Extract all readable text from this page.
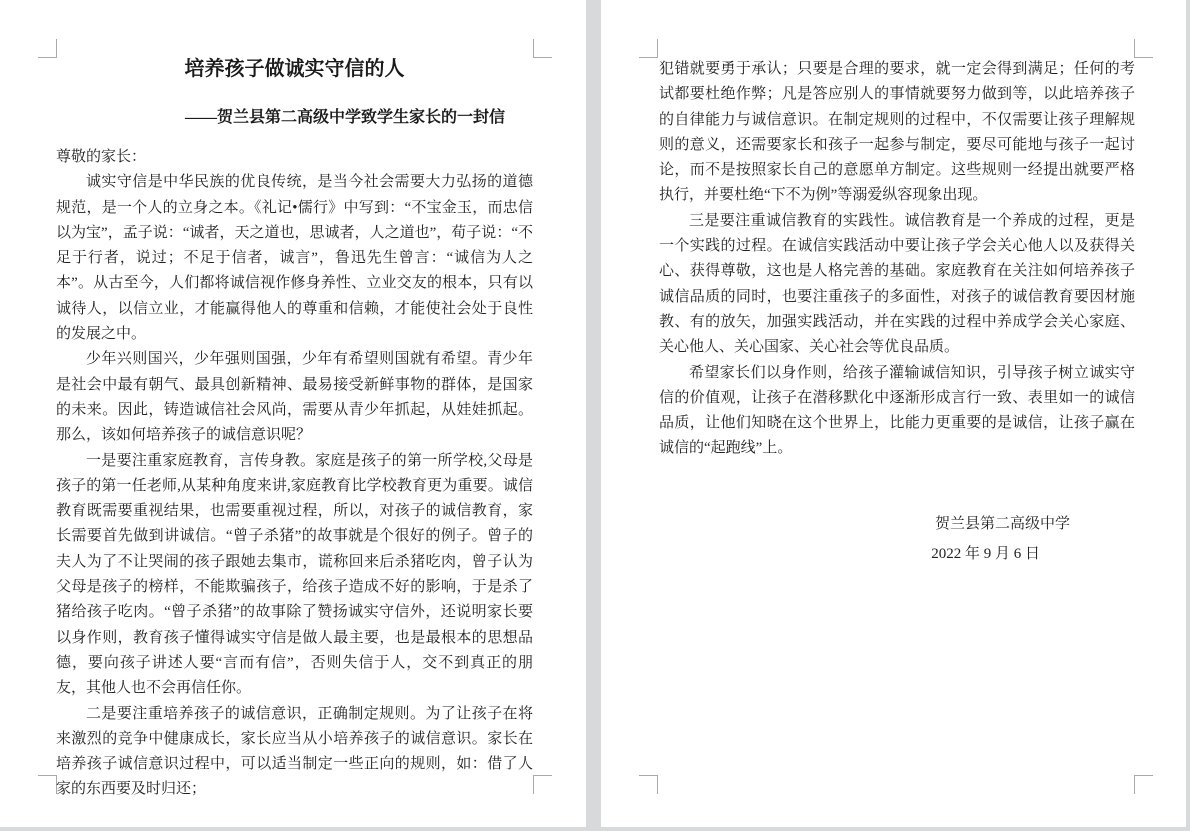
培养孩子做诚实守信的人
——贺兰县第二高级中学致学生家长的一封信
尊敬的家长：

诚实守信是中华民族的优良传统，是当今社会需要大力弘扬的道德规范，是一个人的立身之本。《礼记•儒行》中写到：“不宝金玉，而忠信以为宝”，孟子说：“诚者，天之道也，思诚者，人之道也”，荀子说：“不足于行者，说过；不足于信者，诚言”，鲁迅先生曾言：“诚信为人之本”。从古至今，人们都将诚信视作修身养性、立业交友的根本，只有以诚待人，以信立业，才能赢得他人的尊重和信赖，才能使社会处于良性的发展之中。

少年兴则国兴，少年强则国强，少年有希望则国就有希望。青少年是社会中最有朝气、最具创新精神、最易接受新鲜事物的群体，是国家的未来。因此，铸造诚信社会风尚，需要从青少年抓起，从娃娃抓起。那么，该如何培养孩子的诚信意识呢？

一是要注重家庭教育，言传身教。家庭是孩子的第一所学校,父母是孩子的第一任老师,从某种角度来讲,家庭教育比学校教育更为重要。诚信教育既需要重视结果，也需要重视过程，所以，对孩子的诚信教育，家长需要首先做到讲诚信。“曾子杀猪”的故事就是个很好的例子。曾子的夫人为了不让哭闹的孩子跟她去集市，谎称回来后杀猪吃肉，曾子认为父母是孩子的榜样，不能欺骗孩子，给孩子造成不好的影响，于是杀了猪给孩子吃肉。“曾子杀猪”的故事除了赞扬诚实守信外，还说明家长要以身作则，教育孩子懂得诚实守信是做人最主要，也是最根本的思想品德，要向孩子讲述人要“言而有信”，否则失信于人，交不到真正的朋友，其他人也不会再信任你。

二是要注重培养孩子的诚信意识，正确制定规则。为了让孩子在将来激烈的竞争中健康成长，家长应当从小培养孩子的诚信意识。家长在培养孩子诚信意识过程中，可以适当制定一些正向的规则，如：借了人家的东西要及时归还；

犯错就要勇于承认；只要是合理的要求，就一定会得到满足；任何的考试都要杜绝作弊；凡是答应别人的事情就要努力做到等，以此培养孩子的自律能力与诚信意识。在制定规则的过程中，不仅需要让孩子理解规则的意义，还需要家长和孩子一起参与制定，要尽可能地与孩子一起讨论，而不是按照家长自己的意愿单方制定。这些规则一经提出就要严格执行，并要杜绝“下不为例”等溺爱纵容现象出现。

三是要注重诚信教育的实践性。诚信教育是一个养成的过程，更是一个实践的过程。在诚信实践活动中要让孩子学会关心他人以及获得关心、获得尊敬，这也是人格完善的基础。家庭教育在关注如何培养孩子诚信品质的同时，也要注重孩子的多面性，对孩子的诚信教育要因材施教、有的放矢，加强实践活动，并在实践的过程中养成学会关心家庭、关心他人、关心国家、关心社会等优良品质。

希望家长们以身作则，给孩子灌输诚信知识，引导孩子树立诚实守信的价值观，让孩子在潜移默化中逐渐形成言行一致、表里如一的诚信品质，让他们知晓在这个世界上，比能力更重要的是诚信，让孩子赢在诚信的“起跑线”上。

贺兰县第二高级中学
2022 年 9 月 6 日
